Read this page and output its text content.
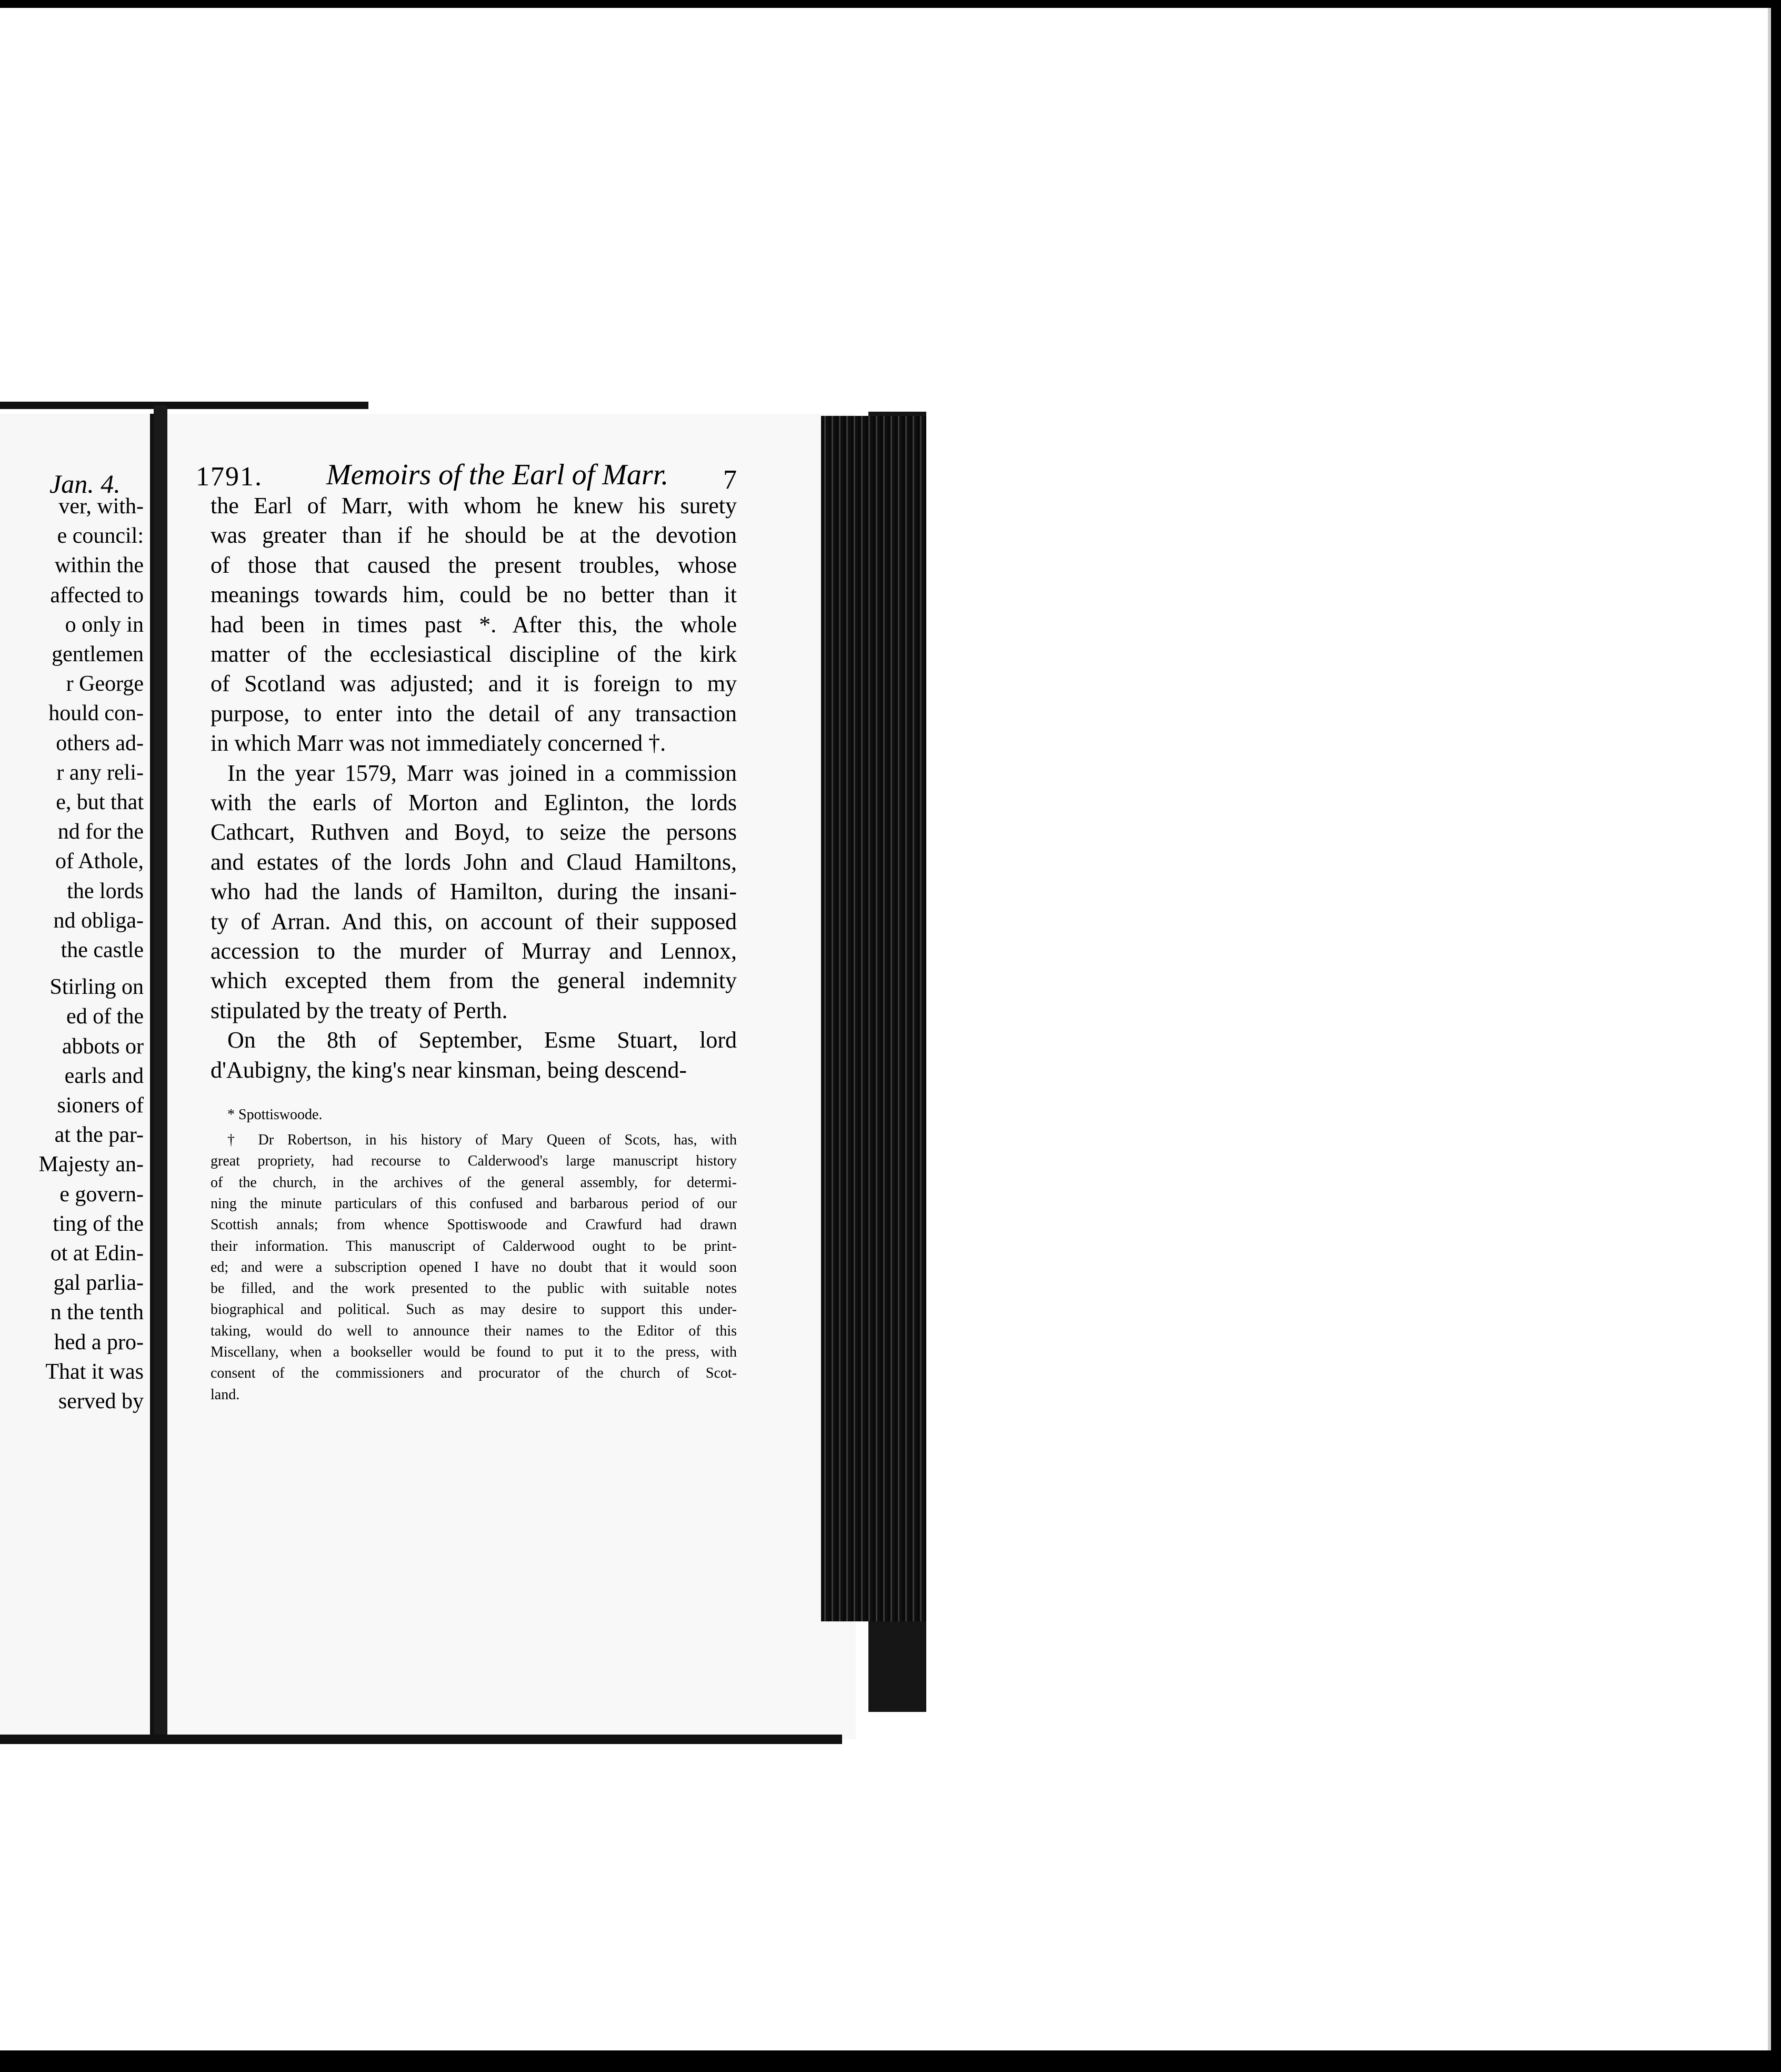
Jan. 4.
ver, with-
e council:
within the
affected to
o only in
gentlemen
r George
hould con-
others ad-
r any reli-
e, but that
nd for the
of Athole,
the lords
nd obliga-
the castle
Stirling on
ed of the
abbots or
earls and
sioners of
at the par-
Majesty an-
e govern-
ting of the
ot at Edin-
gal parlia-
n the tenth
hed a pro-
That it was
served by
1791. Memoirs of the Earl of Marr. 7
the Earl of Marr, with whom he knew his surety
was greater than if he should be at the devotion
of those that caused the present troubles, whose
meanings towards him, could be no better than it
had been in times past *. After this, the whole
matter of the ecclesiastical discipline of the kirk
of Scotland was adjusted; and it is foreign to my
purpose, to enter into the detail of any transaction
in which Marr was not immediately concerned †.
In the year 1579, Marr was joined in a commission
with the earls of Morton and Eglinton, the lords
Cathcart, Ruthven and Boyd, to seize the persons
and estates of the lords John and Claud Hamiltons,
who had the lands of Hamilton, during the insani-
ty of Arran. And this, on account of their supposed
accession to the murder of Murray and Lennox,
which excepted them from the general indemnity
stipulated by the treaty of Perth.
On the 8th of September, Esme Stuart, lord
d'Aubigny, the king's near kinsman, being descend-
* Spottiswoode.
† Dr Robertson, in his history of Mary Queen of Scots, has, with
great propriety, had recourse to Calderwood's large manuscript history
of the church, in the archives of the general assembly, for determi-
ning the minute particulars of this confused and barbarous period of our
Scottish annals; from whence Spottiswoode and Crawfurd had drawn
their information. This manuscript of Calderwood ought to be print-
ed; and were a subscription opened I have no doubt that it would soon
be filled, and the work presented to the public with suitable notes
biographical and political. Such as may desire to support this under-
taking, would do well to announce their names to the Editor of this
Miscellany, when a bookseller would be found to put it to the press, with
consent of the commissioners and procurator of the church of Scot-
land.
